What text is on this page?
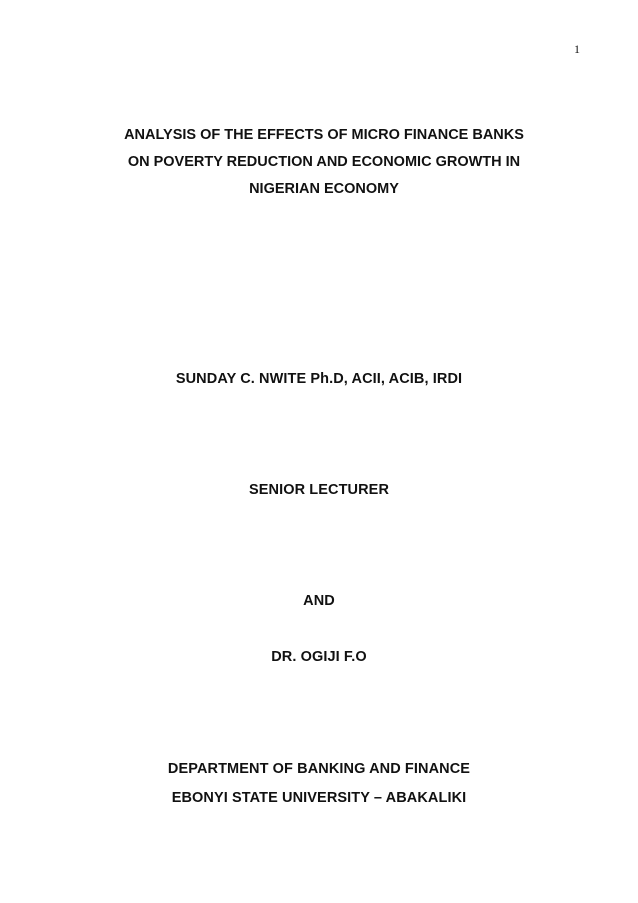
1
ANALYSIS OF THE EFFECTS OF MICRO FINANCE BANKS
ON POVERTY REDUCTION AND ECONOMIC GROWTH IN
NIGERIAN ECONOMY
SUNDAY C. NWITE Ph.D, ACII, ACIB, IRDI
SENIOR LECTURER
AND
DR. OGIJI F.O
DEPARTMENT OF BANKING AND FINANCE
EBONYI STATE UNIVERSITY – ABAKALIKI
